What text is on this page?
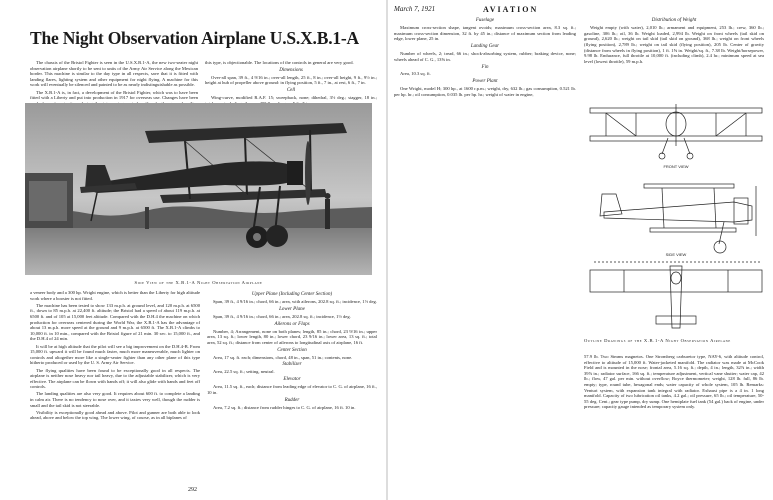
The Night Observation Airplane U.S.X.B.1-A

The chassis of the Bristol Fighter is seen in the U.S.X.B.1-A, the new two-seater night observation airplane shortly to be sent to units of the Army Air Service along the Mexican border. This machine is similar to the day type in all respects, save that it is fitted with landing flares, lighting system and other equipment for night flying. A machine for this work will eventually be silenced and painted to be as nearly indistinguishable as possible.

The X.B.1-A is, in fact, a development of the Bristol Fighter, which was to have been fitted with a Liberty and put into production in 1917 for overseas use. Changes have been

this type, is objectionable. The locations of the controls in general are very good.

Dimensions

Over-all span, 39 ft., 4 9/16 in.; over-all length, 25 ft., 8 in.; over-all height, 9 ft., 9½ in.; height at hub of propeller above ground: in flying position, 5 ft., 7 in., at rest, 6 ft., 7 in.

Cell

Wing-curve, modified R.A.F. 15; sweepback, none; dihedral, 3½ deg.; stagger, 18 in.;

Side View of the X.B.1-A Night Observation Airplane

a veneer body and a 300 hp. Wright engine, which is better than the Liberty for high altitude work where a booster is not fitted.

The machine has been tested to show 133 m.p.h. at ground level, and 120 m.p.h. at 6500 ft., down to 85 m.p.h. at 22,400 ft. altitude; the Bristol had a speed of about 119 m.p.h. at 6500 ft. and of 105 at 15,000 feet altitude. Compared with the D.H.4 the machine on which production for overseas centered during the World War, the X.B.1-A has the advantage of about 13 m.p.h. more speed at the ground and 9 m.p.h. at 6500 ft. The X.B.1-A climbs to 10,000 ft. in 10 min., compared with the Bristol figure of 21 min. 30 sec. to 15,000 ft., and the D.H.4 of 24 min.

It will be at high altitude that the pilot will see a big improvement on the D.H.4-B. From 15,000 ft. upward it will be found much faster, much more maneuverable, much lighter on controls and altogether more like a single-seater fighter than any other plane of this type hitherto produced or used by the U. S. Army Air Service.

The flying qualities have been found to be exceptionally good in all respects. The airplane is neither nose heavy nor tail heavy, due to the adjustable stabilizer, which is very effective. The airplane can be flown with hands off; it will also glide with hands and feet off controls.

The landing qualities are also very good. It requires about 600 ft. to complete a landing in calm air. There is no tendency to nose over, and it taxies very well, though the rudder is small and the tail skid is not steerable.

Visibility is exceptionally good ahead and above. Pilot and gunner are both able to look ahead, above and below the top wing. The lower wing, of course, as in all biplanes of

Upper Plane (Including Center Section)

Span, 39 ft., 4 9/16 in.; chord, 66 in.; area, with ailerons, 202.8 sq. ft.; incidence, 1½ deg.

Lower Plane

Span, 39 ft., 4 9/16 in.; chord, 66 in.; area, 202.8 sq. ft.; incidence, 1½ deg.

Ailerons or Flaps

Number, 4; Arrangement, none on both planes; length, 85 in.; chord, 23 9/16 in.; upper area, 13 sq. ft.; lower length, 80 in.; lower chord, 23 9/16 in.; lower area, 13 sq. ft.; total area, 52 sq. ft.; distance from center of ailerons to longitudinal axis of airplane, 16 ft.

Center Section

Area, 17 sq. ft. each; dimensions, chord, 48 in., span, 51 in.; contents, none.

Stabilizer

Area, 22.5 sq. ft.; setting, neutral.

Elevator

Area, 11.5 sq. ft., each; distance from leading edge of elevator to C. G. of airplane, 16 ft., 10 in.

Rudder

Area, 7.2 sq. ft.; distance from rudder hinges to C. G. of airplane, 16 ft. 10 in.

292
March 7, 1921	AVIATION
Fuselage

Maximum cross-section shape, tangent ovoids; maximum cross-section area, 8.3 sq. ft.; maximum cross-section dimension, 32 ft. by 45 in.; distance of maximum section from leading edge, lower plane, 25 in.

Landing Gear

Number of wheels, 2; tread, 66 in.; shock-absorbing system, rubber; braking device, none; wheels ahead of C. G., 13⅝ in.

Fin

Area, 10.3 sq. ft.

Power Plant

One Wright, model H; 300 hp., at 1600 r.p.m.; weight, dry, 632 lb.; gas consumption, 0.521 lb. per hp. hr.; oil consumption, 0.035 lb. per hp. hr.; weight of water in engine,

Distribution of Weight

Weight empty (with water), 2,010 lb.; armament and equipment, 253 lb.; crew, 360 lb.; gasoline, 306 lb.; oil, 36 lb. Weight loaded, 2,994 lb. Weight on front wheels (tail skid on ground), 2,620 lb.; weight on tail skid (tail skid on ground), 368 lb.; weight on front wheels (flying position), 2,789 lb.; weight on tail skid (flying position), 205 lb. Center of gravity (distance from wheels in flying position), 1 ft. 1⅝ in. Weight/sq. ft., 7.38 lb. Weight/horsepower, 9.98 lb. Endurance, full throttle at 10,000 ft. (including climb), 2.4 hr.; minimum speed at sea level (lowest throttle), 59 m.p.h.

FRONT VIEW
SIDE VIEW
Outline Drawings of the X.B.1-A Night Observation Airplane

57.9 lb. Two Simms magnetos. One Stromberg carburetor type, NAY-6, with altitude control, effective to altitude of 15,000 ft. Water-jacketed manifold. The radiator was made at McCook Field and is mounted in the nose; frontal area, 5.16 sq. ft.; depth, 4 in.; length, 32⅞ in.; width 39⅞ in.; radiator surface, 166 sq. ft.; temperature adjustment, vertical vane shutter; water cap, 42 lb.; flow, 47 gal. per min. without overflow; Boyce thermometer; weight, 128 lb. full, 86 lb. empty; type, round tube, hexagonal ends; water capacity of whole system, 105 lb. Remarks: Venturi system, with expansion tank integral with radiator. Exhaust pipe is a 4 in. 1 long manifold. Capacity of two lubrication oil tanks, 4.2 gal.; oil pressure, 65 lb.; oil temperature, 50-55 deg. Cent.; gear type pump, dry sump. One hemiplate fuel tank (54 gal.) back of engine, under pressure; capacity gauge intended as temporary system only.
